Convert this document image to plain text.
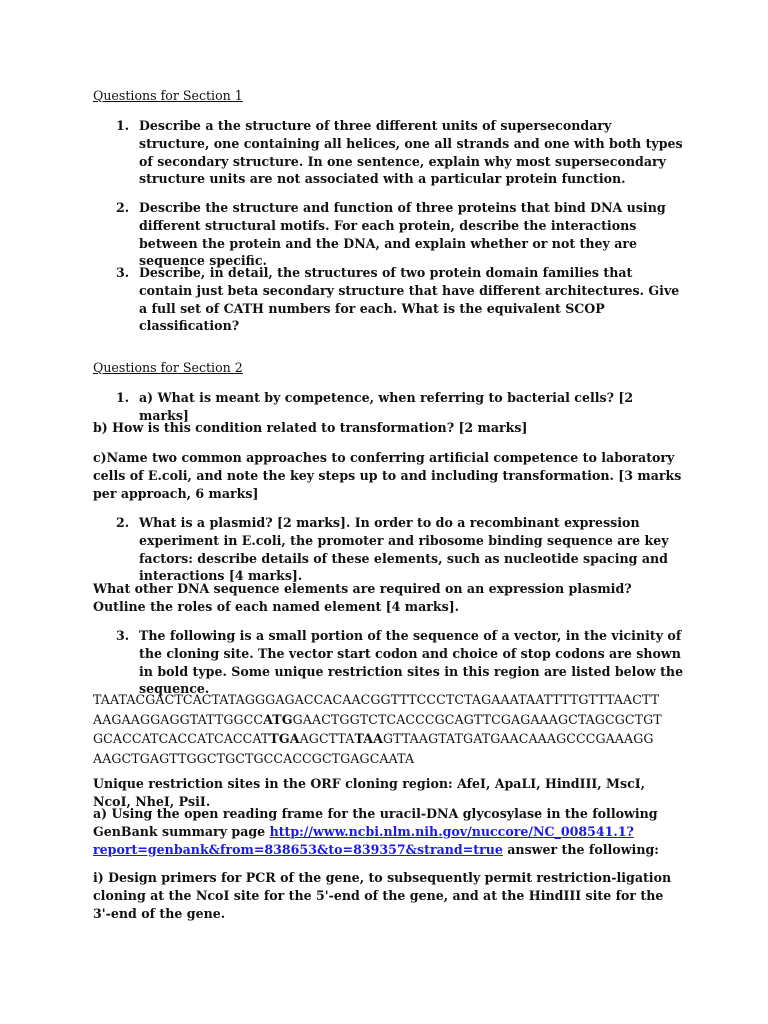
Questions for Section 1
1. Describe a the structure of three different units of supersecondary structure, one containing all helices, one all strands and one with both types of secondary structure. In one sentence, explain why most supersecondary structure units are not associated with a particular protein function.

2. Describe the structure and function of three proteins that bind DNA using different structural motifs. For each protein, describe the interactions between the protein and the DNA, and explain whether or not they are sequence specific.

3. Describe, in detail, the structures of two protein domain families that contain just beta secondary structure that have different architectures. Give a full set of CATH numbers for each. What is the equivalent SCOP classification?

Questions for Section 2
1. a) What is meant by competence, when referring to bacterial cells? [2 marks]

b) How is this condition related to transformation? [2 marks]

c)Name two common approaches to conferring artificial competence to laboratory cells of E.coli, and note the key steps up to and including transformation. [3 marks per approach, 6 marks]

2. What is a plasmid? [2 marks]. In order to do a recombinant expression experiment in E.coli, the promoter and ribosome binding sequence are key factors: describe details of these elements, such as nucleotide spacing and interactions [4 marks].

What other DNA sequence elements are required on an expression plasmid? Outline the roles of each named element [4 marks].

3. The following is a small portion of the sequence of a vector, in the vicinity of the cloning site. The vector start codon and choice of stop codons are shown in bold type. Some unique restriction sites in this region are listed below the sequence.

TAATACGACTCACTATAGGGAGACCACAACGGTTTCCCTCTAGAAATAATTTTGTTTAACTT
AAGAAGGAGGTATTGGCCATGGAACTGGTCTCACCCGCAGTTCGAGAAAGCTAGCGCTGT
GCACCATCACCATCACCATTGAAGCTTATAAGTTAAGTATGATGAACAAAGCCCGAAAGG
AAGCTGAGTTGGCTGCTGCCACCGCTGAGCAATA

Unique restriction sites in the ORF cloning region: AfeI, ApaLI, HindIII, MscI, NcoI, NheI, PsiI.

a) Using the open reading frame for the uracil-DNA glycosylase in the following GenBank summary page http://www.ncbi.nlm.nih.gov/nuccore/NC_008541.1?
report=genbank&from=838653&to=839357&strand=true answer the following:

i) Design primers for PCR of the gene, to subsequently permit restriction-ligation cloning at the NcoI site for the 5'-end of the gene, and at the HindIII site for the 3'-end of the gene.
